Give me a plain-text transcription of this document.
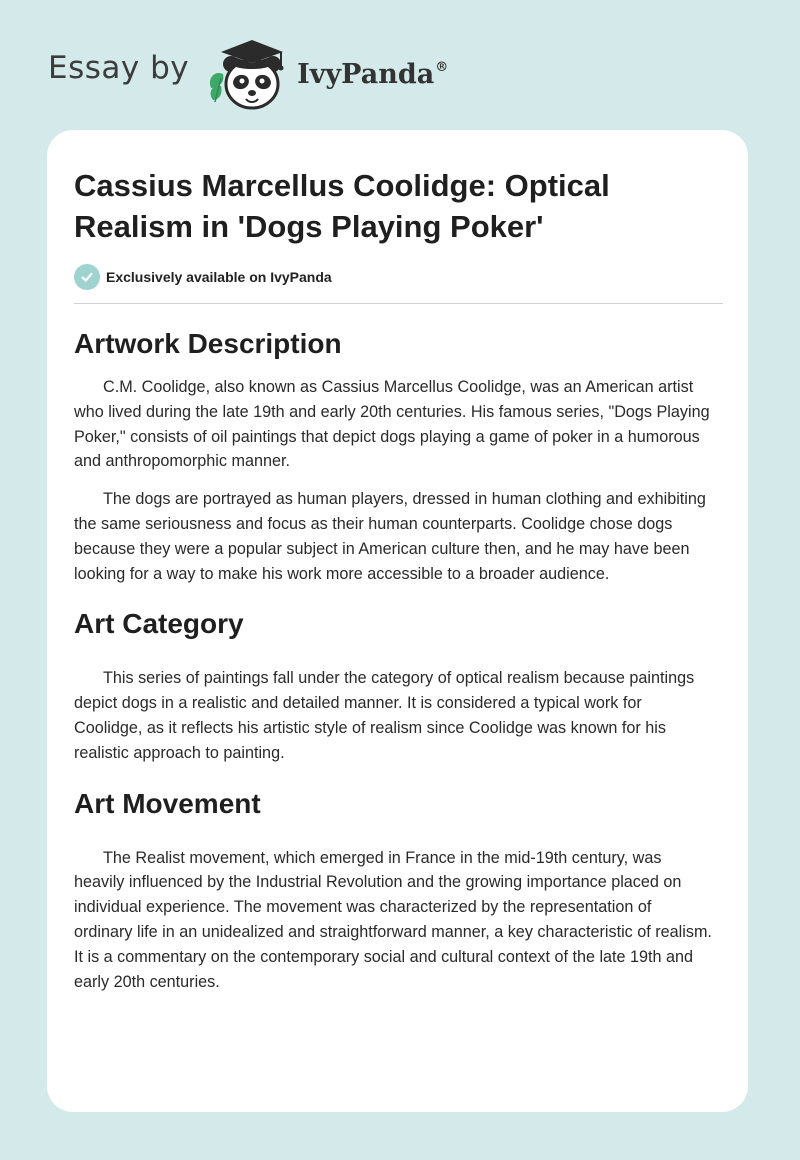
Essay by	IvyPanda®
Cassius Marcellus Coolidge: Optical Realism in 'Dogs Playing Poker'
Exclusively available on IvyPanda
Artwork Description

C.M. Coolidge, also known as Cassius Marcellus Coolidge, was an American artist who lived during the late 19th and early 20th centuries. His famous series, "Dogs Playing Poker," consists of oil paintings that depict dogs playing a game of poker in a humorous and anthropomorphic manner.

The dogs are portrayed as human players, dressed in human clothing and exhibiting the same seriousness and focus as their human counterparts. Coolidge chose dogs because they were a popular subject in American culture then, and he may have been looking for a way to make his work more accessible to a broader audience.

Art Category

This series of paintings fall under the category of optical realism because paintings depict dogs in a realistic and detailed manner. It is considered a typical work for Coolidge, as it reflects his artistic style of realism since Coolidge was known for his realistic approach to painting.

Art Movement

The Realist movement, which emerged in France in the mid-19th century, was heavily influenced by the Industrial Revolution and the growing importance placed on individual experience. The movement was characterized by the representation of ordinary life in an unidealized and straightforward manner, a key characteristic of realism. It is a commentary on the contemporary social and cultural context of the late 19th and early 20th centuries.
